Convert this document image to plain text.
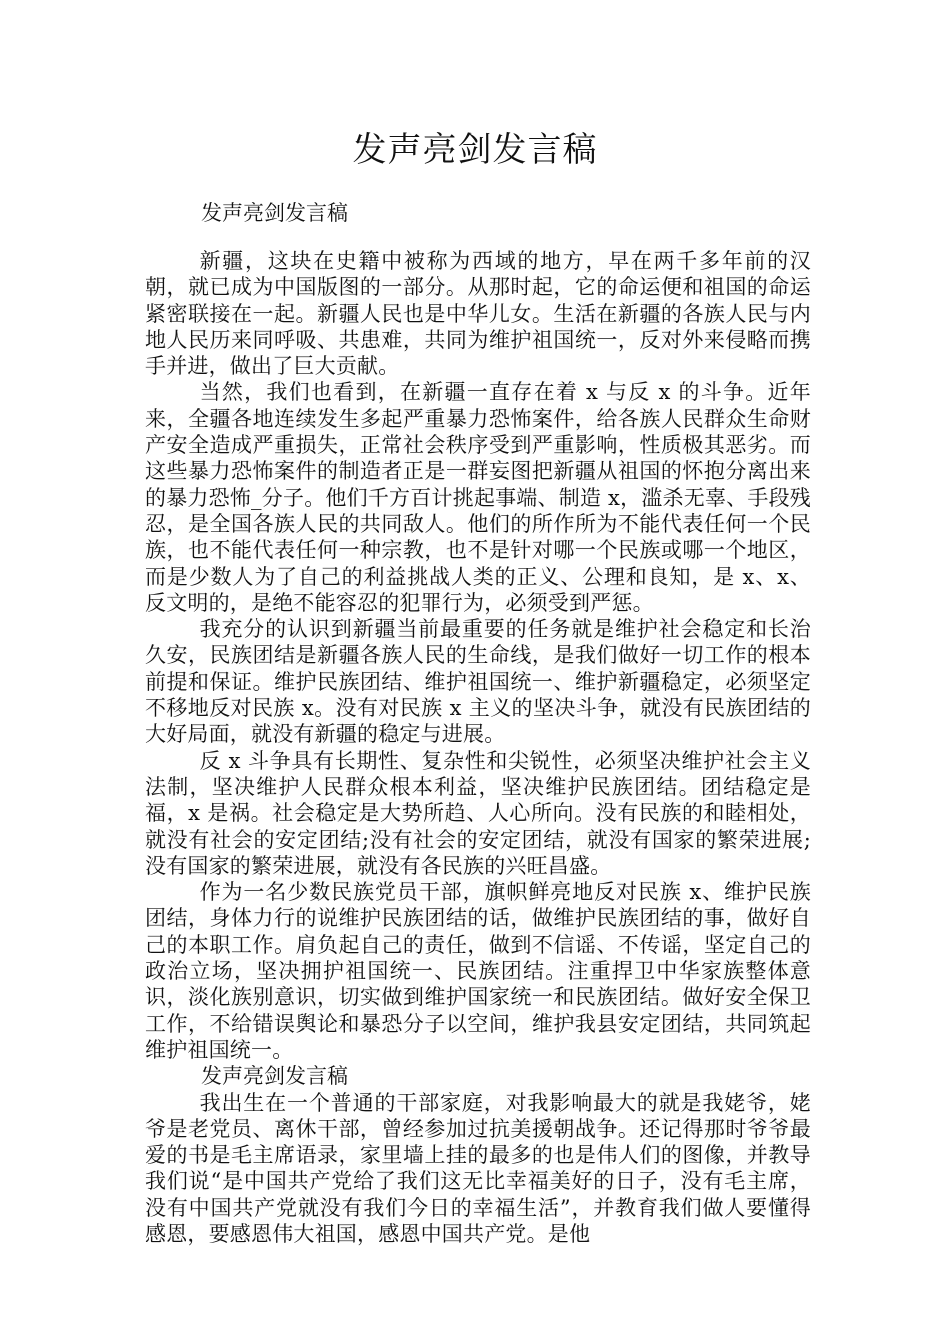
发声亮剑发言稿

发声亮剑发言稿

新疆，这块在史籍中被称为西域的地方，早在两千多年前的汉朝，就已成为中国版图的一部分。从那时起，它的命运便和祖国的命运紧密联接在一起。新疆人民也是中华儿女。生活在新疆的各族人民与内地人民历来同呼吸、共患难，共同为维护祖国统一，反对外来侵略而携手并进，做出了巨大贡献。

当然，我们也看到，在新疆一直存在着 x 与反 x 的斗争。近年来，全疆各地连续发生多起严重暴力恐怖案件，给各族人民群众生命财产安全造成严重损失，正常社会秩序受到严重影响，性质极其恶劣。而这些暴力恐怖案件的制造者正是一群妄图把新疆从祖国的怀抱分离出来的暴力恐怖_分子。他们千方百计挑起事端、制造 x，滥杀无辜、手段残忍，是全国各族人民的共同敌人。他们的所作所为不能代表任何一个民族，也不能代表任何一种宗教，也不是针对哪一个民族或哪一个地区，而是少数人为了自己的利益挑战人类的正义、公理和良知，是 x、x、反文明的，是绝不能容忍的犯罪行为，必须受到严惩。

我充分的认识到新疆当前最重要的任务就是维护社会稳定和长治久安，民族团结是新疆各族人民的生命线，是我们做好一切工作的根本前提和保证。维护民族团结、维护祖国统一、维护新疆稳定，必须坚定不移地反对民族 x。没有对民族 x 主义的坚决斗争，就没有民族团结的大好局面，就没有新疆的稳定与进展。

反 x 斗争具有长期性、复杂性和尖锐性，必须坚决维护社会主义法制，坚决维护人民群众根本利益，坚决维护民族团结。团结稳定是福，x 是祸。社会稳定是大势所趋、人心所向。没有民族的和睦相处，就没有社会的安定团结;没有社会的安定团结，就没有国家的繁荣进展;没有国家的繁荣进展，就没有各民族的兴旺昌盛。

作为一名少数民族党员干部，旗帜鲜亮地反对民族 x、维护民族团结，身体力行的说维护民族团结的话，做维护民族团结的事，做好自己的本职工作。肩负起自己的责任，做到不信谣、不传谣，坚定自己的政治立场，坚决拥护祖国统一、民族团结。注重捍卫中华家族整体意识，淡化族别意识，切实做到维护国家统一和民族团结。做好安全保卫工作，不给错误舆论和暴恐分子以空间，维护我县安定团结，共同筑起维护祖国统一。

发声亮剑发言稿

我出生在一个普通的干部家庭，对我影响最大的就是我姥爷，姥爷是老党员、离休干部，曾经参加过抗美援朝战争。还记得那时爷爷最爱的书是毛主席语录，家里墙上挂的最多的也是伟人们的图像，并教导我们说“是中国共产党给了我们这无比幸福美好的日子，没有毛主席，没有中国共产党就没有我们今日的幸福生活”，并教育我们做人要懂得感恩，要感恩伟大祖国，感恩中国共产党。是他
